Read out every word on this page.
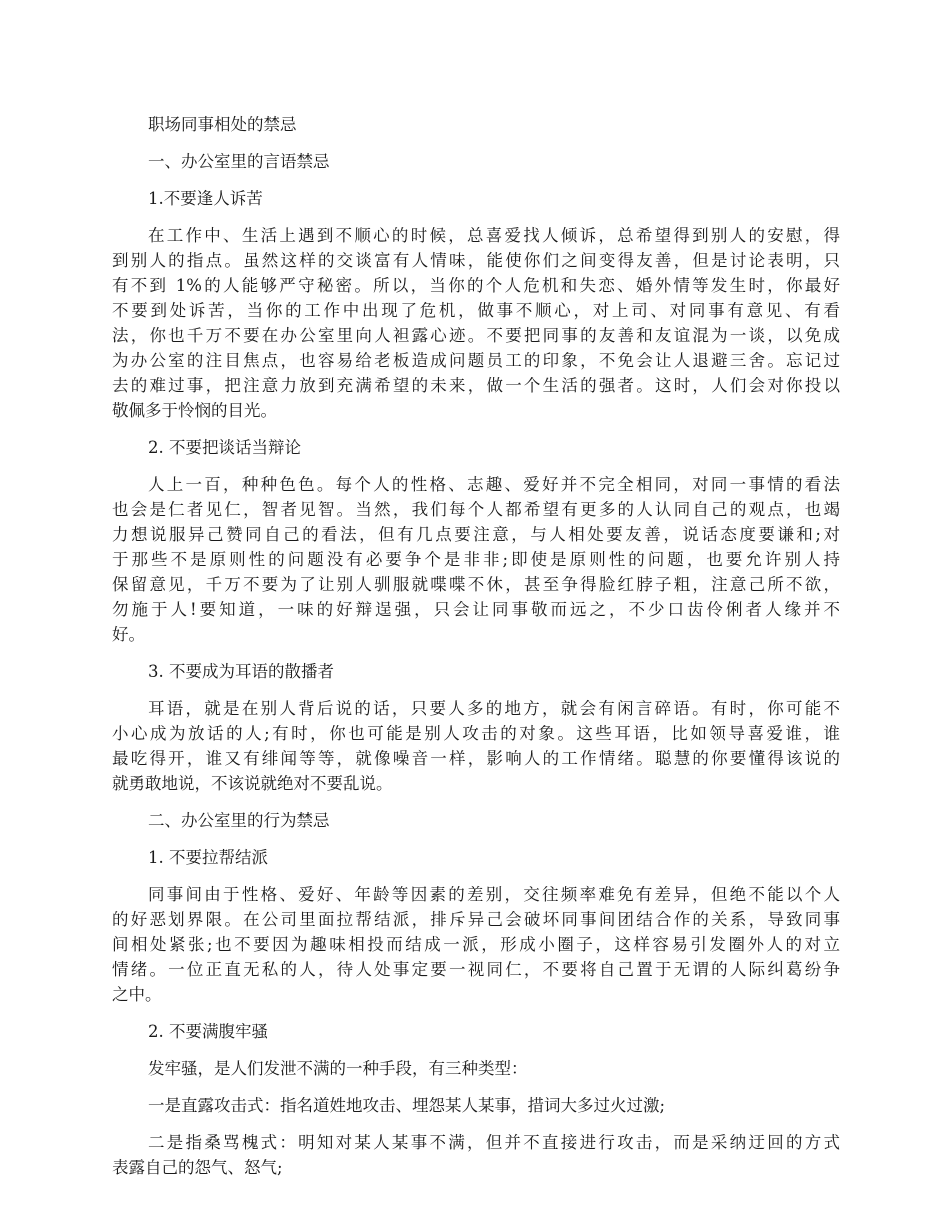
职场同事相处的禁忌

一、办公室里的言语禁忌

1.不要逢人诉苦

在工作中、生活上遇到不顺心的时候，总喜爱找人倾诉，总希望得到别人的安慰，得

到别人的指点。虽然这样的交谈富有人情味，能使你们之间变得友善，但是讨论表明，只

有不到 1%的人能够严守秘密。所以，当你的个人危机和失恋、婚外情等发生时，你最好

不要到处诉苦，当你的工作中出现了危机，做事不顺心，对上司、对同事有意见、有看

法，你也千万不要在办公室里向人袒露心迹。不要把同事的友善和友谊混为一谈，以免成

为办公室的注目焦点，也容易给老板造成问题员工的印象，不免会让人退避三舍。忘记过

去的难过事，把注意力放到充满希望的未来，做一个生活的强者。这时，人们会对你投以

敬佩多于怜悯的目光。

2. 不要把谈话当辩论

人上一百，种种色色。每个人的性格、志趣、爱好并不完全相同，对同一事情的看法

也会是仁者见仁，智者见智。当然，我们每个人都希望有更多的人认同自己的观点，也竭

力想说服异己赞同自己的看法，但有几点要注意，与人相处要友善，说话态度要谦和;对

于那些不是原则性的问题没有必要争个是非非;即使是原则性的问题，也要允许别人持

保留意见，千万不要为了让别人驯服就喋喋不休，甚至争得脸红脖子粗，注意己所不欲，

勿施于人!要知道，一味的好辩逞强，只会让同事敬而远之，不少口齿伶俐者人缘并不

好。

3. 不要成为耳语的散播者

耳语，就是在别人背后说的话，只要人多的地方，就会有闲言碎语。有时，你可能不

小心成为放话的人;有时，你也可能是别人攻击的对象。这些耳语，比如领导喜爱谁，谁

最吃得开，谁又有绯闻等等，就像噪音一样，影响人的工作情绪。聪慧的你要懂得该说的

就勇敢地说，不该说就绝对不要乱说。

二、办公室里的行为禁忌

1. 不要拉帮结派

同事间由于性格、爱好、年龄等因素的差别，交往频率难免有差异，但绝不能以个人

的好恶划界限。在公司里面拉帮结派，排斥异己会破坏同事间团结合作的关系，导致同事

间相处紧张;也不要因为趣味相投而结成一派，形成小圈子，这样容易引发圈外人的对立

情绪。一位正直无私的人，待人处事定要一视同仁，不要将自己置于无谓的人际纠葛纷争

之中。

2. 不要满腹牢骚

发牢骚，是人们发泄不满的一种手段，有三种类型：

一是直露攻击式：指名道姓地攻击、埋怨某人某事，措词大多过火过激;

二是指桑骂槐式：明知对某人某事不满，但并不直接进行攻击，而是采纳迂回的方式

表露自己的怨气、怒气;
